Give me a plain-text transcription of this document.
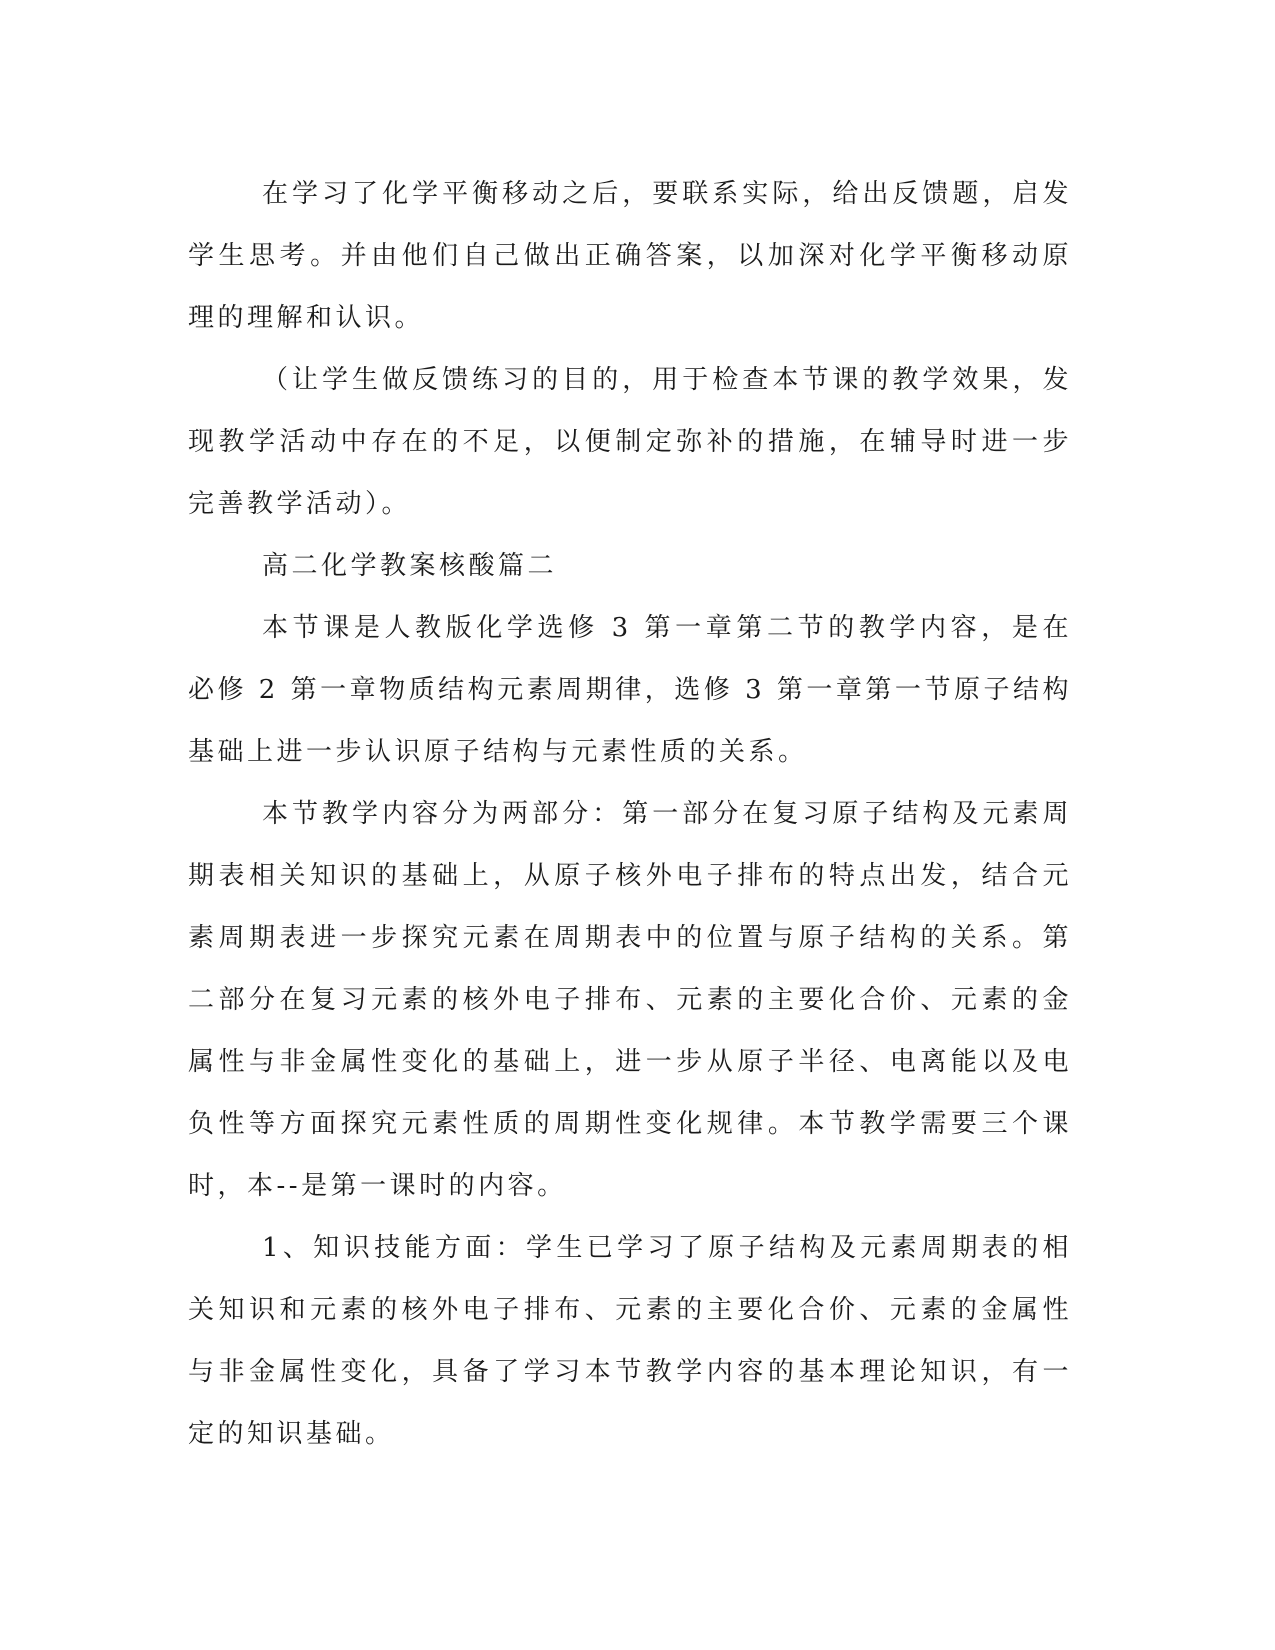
在学习了化学平衡移动之后，要联系实际，给出反馈题，启发学生思考。并由他们自己做出正确答案，以加深对化学平衡移动原理的理解和认识。

（让学生做反馈练习的目的，用于检查本节课的教学效果，发现教学活动中存在的不足，以便制定弥补的措施，在辅导时进一步完善教学活动）。

高二化学教案核酸篇二

本节课是人教版化学选修 3 第一章第二节的教学内容，是在必修 2 第一章物质结构元素周期律，选修 3 第一章第一节原子结构基础上进一步认识原子结构与元素性质的关系。

本节教学内容分为两部分：第一部分在复习原子结构及元素周期表相关知识的基础上，从原子核外电子排布的特点出发，结合元素周期表进一步探究元素在周期表中的位置与原子结构的关系。第二部分在复习元素的核外电子排布、元素的主要化合价、元素的金属性与非金属性变化的基础上，进一步从原子半径、电离能以及电负性等方面探究元素性质的周期性变化规律。本节教学需要三个课时，本--是第一课时的内容。

1、知识技能方面：学生已学习了原子结构及元素周期表的相关知识和元素的核外电子排布、元素的主要化合价、元素的金属性与非金属性变化，具备了学习本节教学内容的基本理论知识，有一定的知识基础。
